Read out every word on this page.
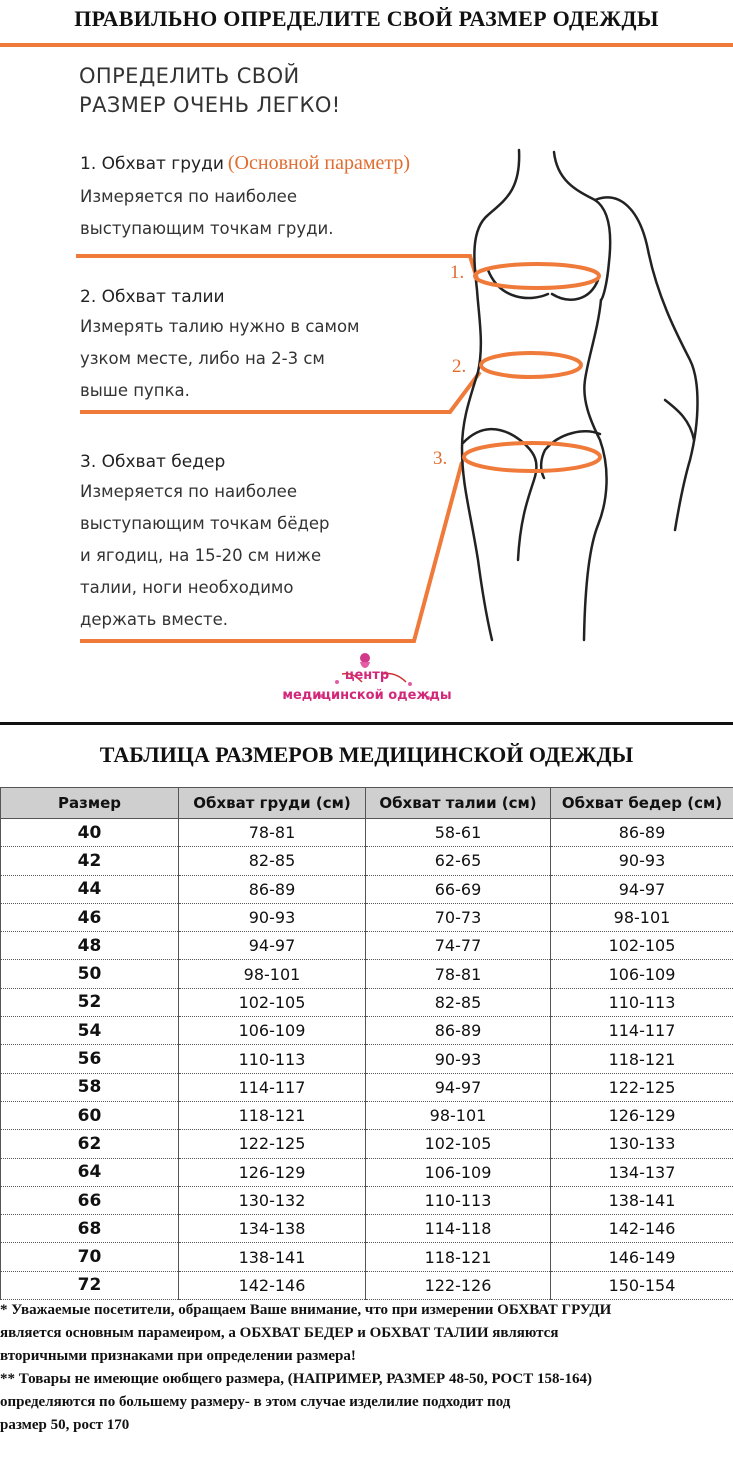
ПРАВИЛЬНО ОПРЕДЕЛИТЕ СВОЙ РАЗМЕР ОДЕЖДЫ
ОПРЕДЕЛИТЬ СВОЙ
РАЗМЕР ОЧЕНЬ ЛЕГКО!
1. Обхват груди (Основной параметр)
Измеряется по наиболее
выступающим точкам груди.
2. Обхват талии
Измерять талию нужно в самом
узком месте, либо на 2-3 см
выше пупка.
3. Обхват бедер
Измеряется по наиболее
выступающим точкам бёдер
и ягодиц, на 15-20 см ниже
талии, ноги необходимо
держать вместе.
1.
2.
3.
центр
медицинской одежды
ТАБЛИЦА РАЗМЕРОВ МЕДИЦИНСКОЙ ОДЕЖДЫ
Размер	Обхват груди (см)	Обхват талии (см)	Обхват бедер (см)
40	78-81	58-61	86-89
42	82-85	62-65	90-93
44	86-89	66-69	94-97
46	90-93	70-73	98-101
48	94-97	74-77	102-105
50	98-101	78-81	106-109
52	102-105	82-85	110-113
54	106-109	86-89	114-117
56	110-113	90-93	118-121
58	114-117	94-97	122-125
60	118-121	98-101	126-129
62	122-125	102-105	130-133
64	126-129	106-109	134-137
66	130-132	110-113	138-141
68	134-138	114-118	142-146
70	138-141	118-121	146-149
72	142-146	122-126	150-154
* Уважаемые посетители, обращаем Ваше внимание, что при измерении ОБХВАТ ГРУДИ
является основным парамеиром, а ОБХВАТ БЕДЕР и ОБХВАТ ТАЛИИ являются
вторичными признаками при определении размера!
** Товары не имеющие оюбщего размера, (НАПРИМЕР, РАЗМЕР 48-50, РОСТ 158-164)
определяются по большему размеру- в этом случае изделилие подходит под
размер 50, рост 170
